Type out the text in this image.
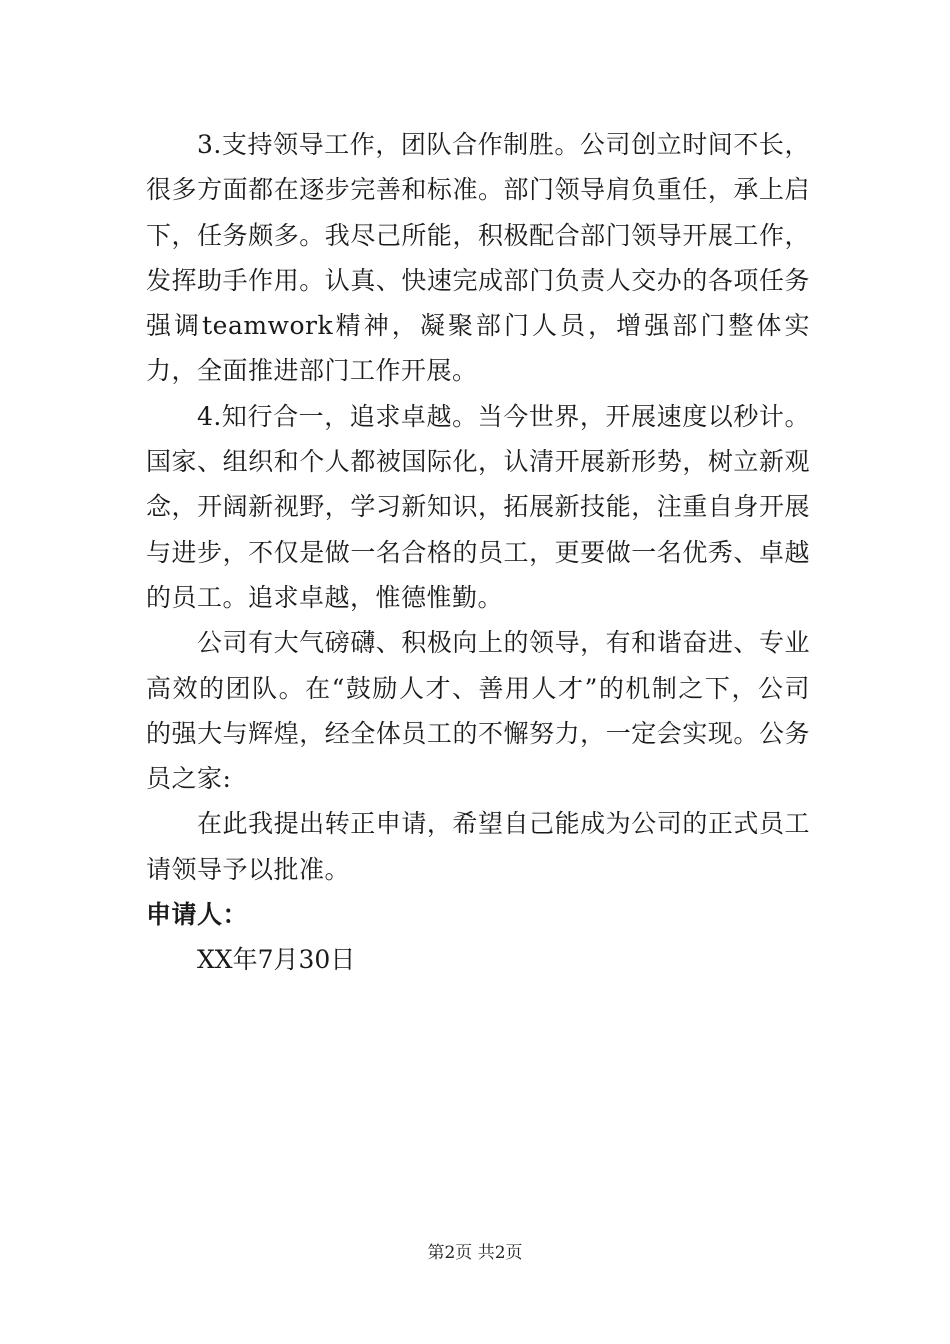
3.支持领导工作，团队合作制胜。公司创立时间不长，很多方面都在逐步完善和标准。部门领导肩负重任，承上启下，任务颇多。我尽己所能，积极配合部门领导开展工作，发挥助手作用。认真、快速完成部门负责人交办的各项任务强调teamwork精神，凝聚部门人员，增强部门整体实力，全面推进部门工作开展。

4.知行合一，追求卓越。当今世界，开展速度以秒计。国家、组织和个人都被国际化，认清开展新形势，树立新观念，开阔新视野，学习新知识，拓展新技能，注重自身开展与进步，不仅是做一名合格的员工，更要做一名优秀、卓越的员工。追求卓越，惟德惟勤。

公司有大气磅礴、积极向上的领导，有和谐奋进、专业高效的团队。在“鼓励人才、善用人才”的机制之下，公司的强大与辉煌，经全体员工的不懈努力，一定会实现。公务员之家:

在此我提出转正申请，希望自己能成为公司的正式员工请领导予以批准。

申请人：

XX年7月30日

第2页 共2页
